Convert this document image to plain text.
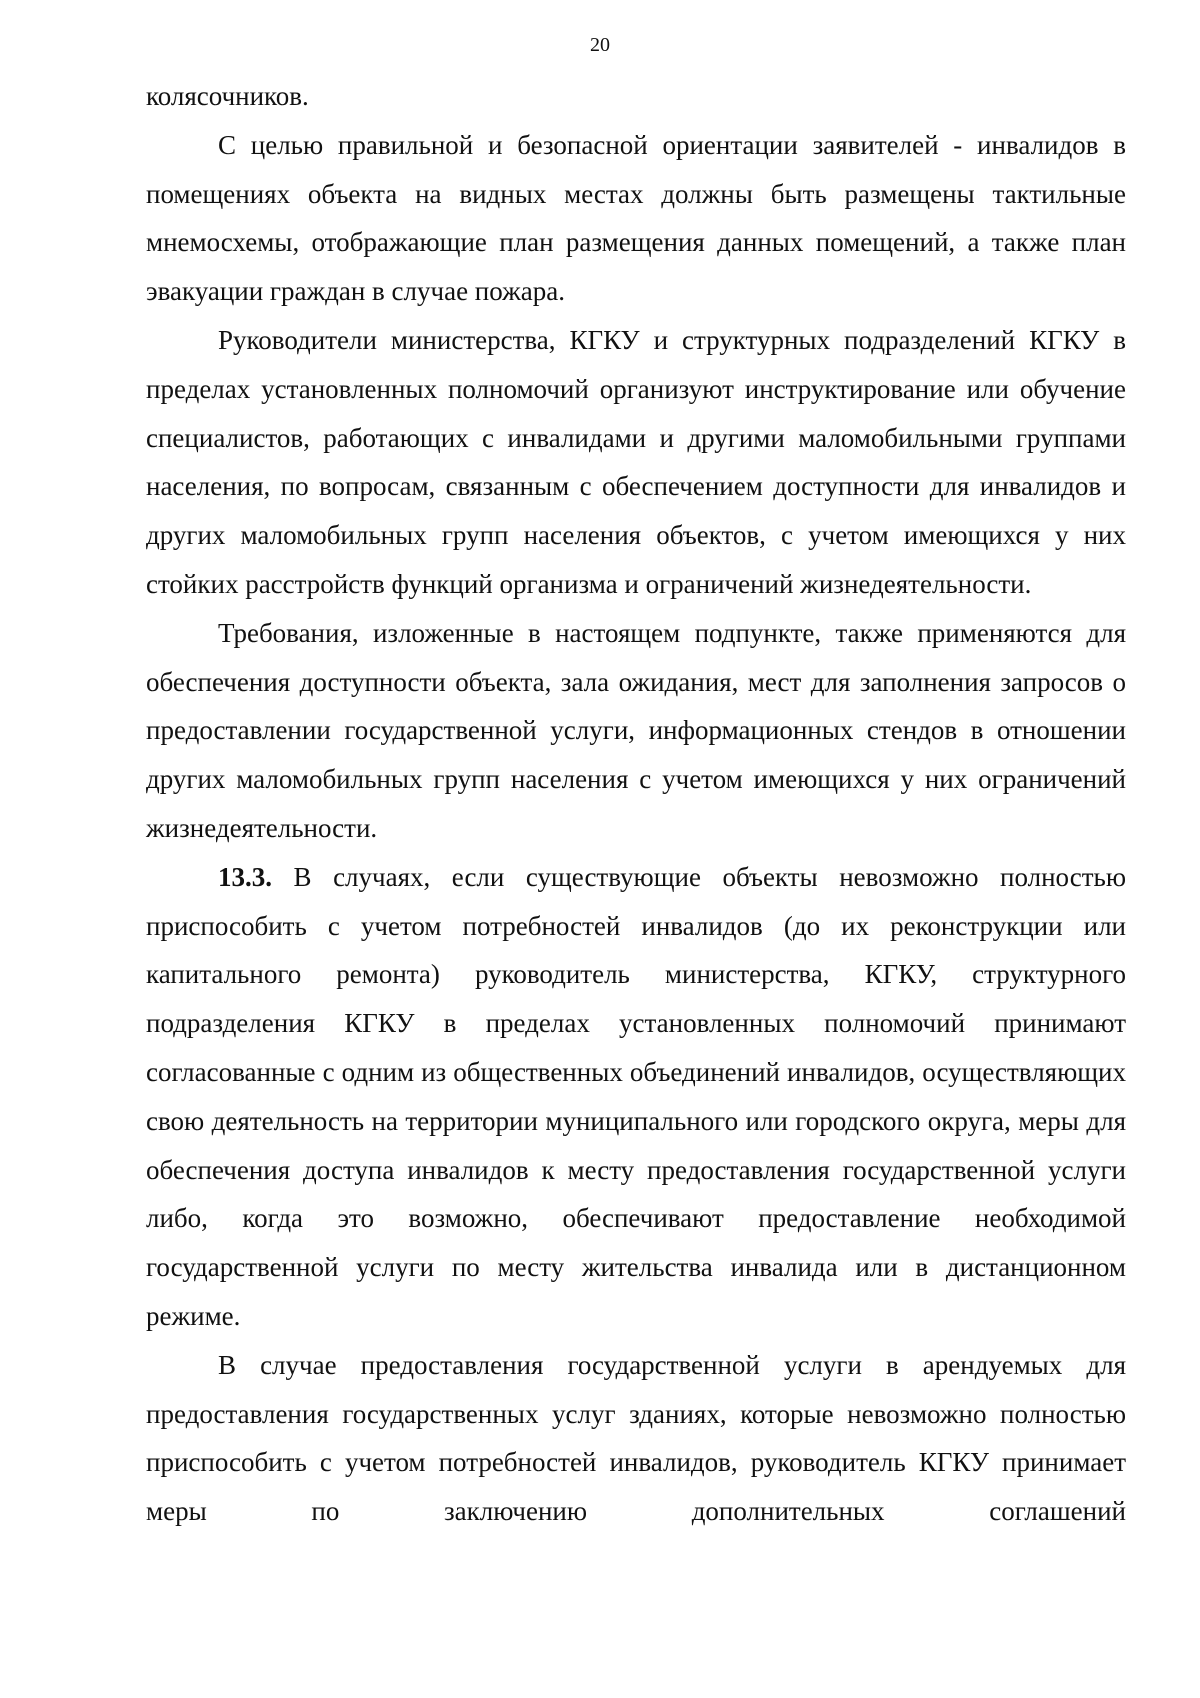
20

колясочников.

С целью правильной и безопасной ориентации заявителей - инвалидов в помещениях объекта на видных местах должны быть размещены тактильные мнемосхемы, отображающие план размещения данных помещений, а также план эвакуации граждан в случае пожара.

Руководители министерства, КГКУ и структурных подразделений КГКУ в пределах установленных полномочий организуют инструктирование или обучение специалистов, работающих с инвалидами и другими маломобильными группами населения, по вопросам, связанным с обеспечением доступности для инвалидов и других маломобильных групп населения объектов, с учетом имеющихся у них стойких расстройств функций организма и ограничений жизнедеятельности.

Требования, изложенные в настоящем подпункте, также применяются для обеспечения доступности объекта, зала ожидания, мест для заполнения запросов о предоставлении государственной услуги, информационных стендов в отношении других маломобильных групп населения с учетом имеющихся у них ограничений жизнедеятельности.

13.3. В случаях, если существующие объекты невозможно полностью приспособить с учетом потребностей инвалидов (до их реконструкции или капитального ремонта) руководитель министерства, КГКУ, структурного подразделения КГКУ в пределах установленных полномочий принимают согласованные с одним из общественных объединений инвалидов, осуществляющих свою деятельность на территории муниципального или городского округа, меры для обеспечения доступа инвалидов к месту предоставления государственной услуги либо, когда это возможно, обеспечивают предоставление необходимой государственной услуги по месту жительства инвалида или в дистанционном режиме.

В случае предоставления государственной услуги в арендуемых для предоставления государственных услуг зданиях, которые невозможно полностью приспособить с учетом потребностей инвалидов, руководитель КГКУ принимает меры по заключению дополнительных соглашений
